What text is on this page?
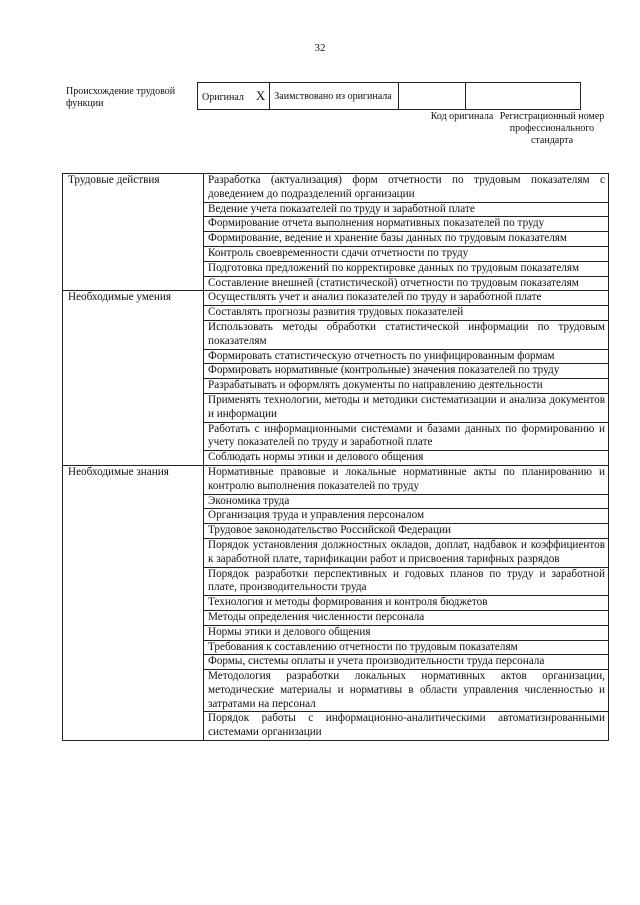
32
Происхождение трудовой функции
Оригинал X	Заимствовано из оригинала		
Код оригинала Регистрационный номер профессионального стандарта
Трудовые действия	Разработка (актуализация) форм отчетности по трудовым показателям с доведением до подразделений организации
	Ведение учета показателей по труду и заработной плате
	Формирование отчета выполнения нормативных показателей по труду
	Формирование, ведение и хранение базы данных по трудовым показателям
	Контроль своевременности сдачи отчетности по труду
	Подготовка предложений по корректировке данных по трудовым показателям
	Составление внешней (статистической) отчетности по трудовым показателям
Необходимые умения	Осуществлять учет и анализ показателей по труду и заработной плате
	Составлять прогнозы развития трудовых показателей
	Использовать методы обработки статистической информации по трудовым показателям
	Формировать статистическую отчетность по унифицированным формам
	Формировать нормативные (контрольные) значения показателей по труду
	Разрабатывать и оформлять документы по направлению деятельности
	Применять технологии, методы и методики систематизации и анализа документов и информации
	Работать с информационными системами и базами данных по формированию и учету показателей по труду и заработной плате
	Соблюдать нормы этики и делового общения
Необходимые знания	Нормативные правовые и локальные нормативные акты по планированию и контролю выполнения показателей по труду
	Экономика труда
	Организация труда и управления персоналом
	Трудовое законодательство Российской Федерации
	Порядок установления должностных окладов, доплат, надбавок и коэффициентов к заработной плате, тарификации работ и присвоения тарифных разрядов
	Порядок разработки перспективных и годовых планов по труду и заработной плате, производительности труда
	Технология и методы формирования и контроля бюджетов
	Методы определения численности персонала
	Нормы этики и делового общения
	Требования к составлению отчетности по трудовым показателям
	Формы, системы оплаты и учета производительности труда персонала
	Методология разработки локальных нормативных актов организации, методические материалы и нормативы в области управления численностью и затратами на персонал
	Порядок работы с информационно-аналитическими автоматизированными системами организации
